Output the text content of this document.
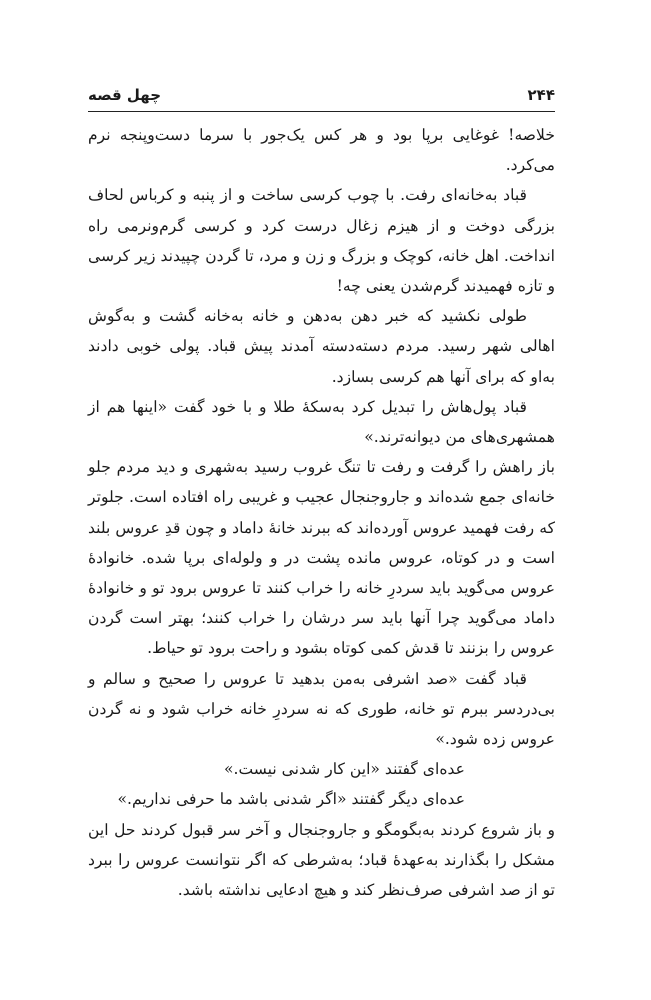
۲۴۴
چهل قصه

خلاصه! غوغایی برپا بود و هر کس یک‌جور با سرما دست‌وپنجه نرم می‌کرد.

قباد به‌خانه‌ای رفت. با چوب کرسی ساخت و از پنبه و کرباس لحاف بزرگی دوخت و از هیزم زغال درست کرد و کرسی گرم‌ونرمی راه انداخت. اهل خانه، کوچک و بزرگ و زن و مرد، تا گردن چپیدند زیر کرسی و تازه فهمیدند گرم‌شدن یعنی چه!

طولی نکشید که خبر دهن به‌دهن و خانه به‌خانه گشت و به‌گوش اهالی شهر رسید. مردم دسته‌دسته آمدند پیش قباد. پولی خوبی دادند به‌او که برای آنها هم کرسی بسازد.

قباد پول‌هاش را تبدیل کرد به‌سکهٔ طلا و با خود گفت «اینها هم از همشهری‌های من دیوانه‌ترند.»

باز راهش را گرفت و رفت تا تنگ غروب رسید به‌شهری و دید مردم جلو خانه‌ای جمع شده‌اند و جاروجنجال عجیب و غریبی راه افتاده است. جلوتر که رفت فهمید عروس آورده‌اند که ببرند خانهٔ داماد و چون قدِ عروس بلند است و در کوتاه، عروس مانده پشت در و ولوله‌ای برپا شده. خانوادهٔ عروس می‌گوید باید سردرِ خانه را خراب کنند تا عروس برود تو و خانوادهٔ داماد می‌گوید چرا آنها باید سر درشان را خراب کنند؛ بهتر است گردن عروس را بزنند تا قدش کمی کوتاه بشود و راحت برود تو حیاط.

قباد گفت «صد اشرفی به‌من بدهید تا عروس را صحیح و سالم و بی‌دردسر ببرم تو خانه، طوری که نه سردرِ خانه خراب شود و نه گردن عروس زده شود.»

عده‌ای گفتند «این کار شدنی نیست.»

عده‌ای دیگر گفتند «اگر شدنی باشد ما حرفی نداریم.»

و باز شروع کردند به‌بگومگو و جاروجنجال و آخر سر قبول کردند حل این مشکل را بگذارند به‌عهدهٔ قباد؛ به‌شرطی که اگر نتوانست عروس را ببرد تو از صد اشرفی صرف‌نظر کند و هیچ ادعایی نداشته باشد.
